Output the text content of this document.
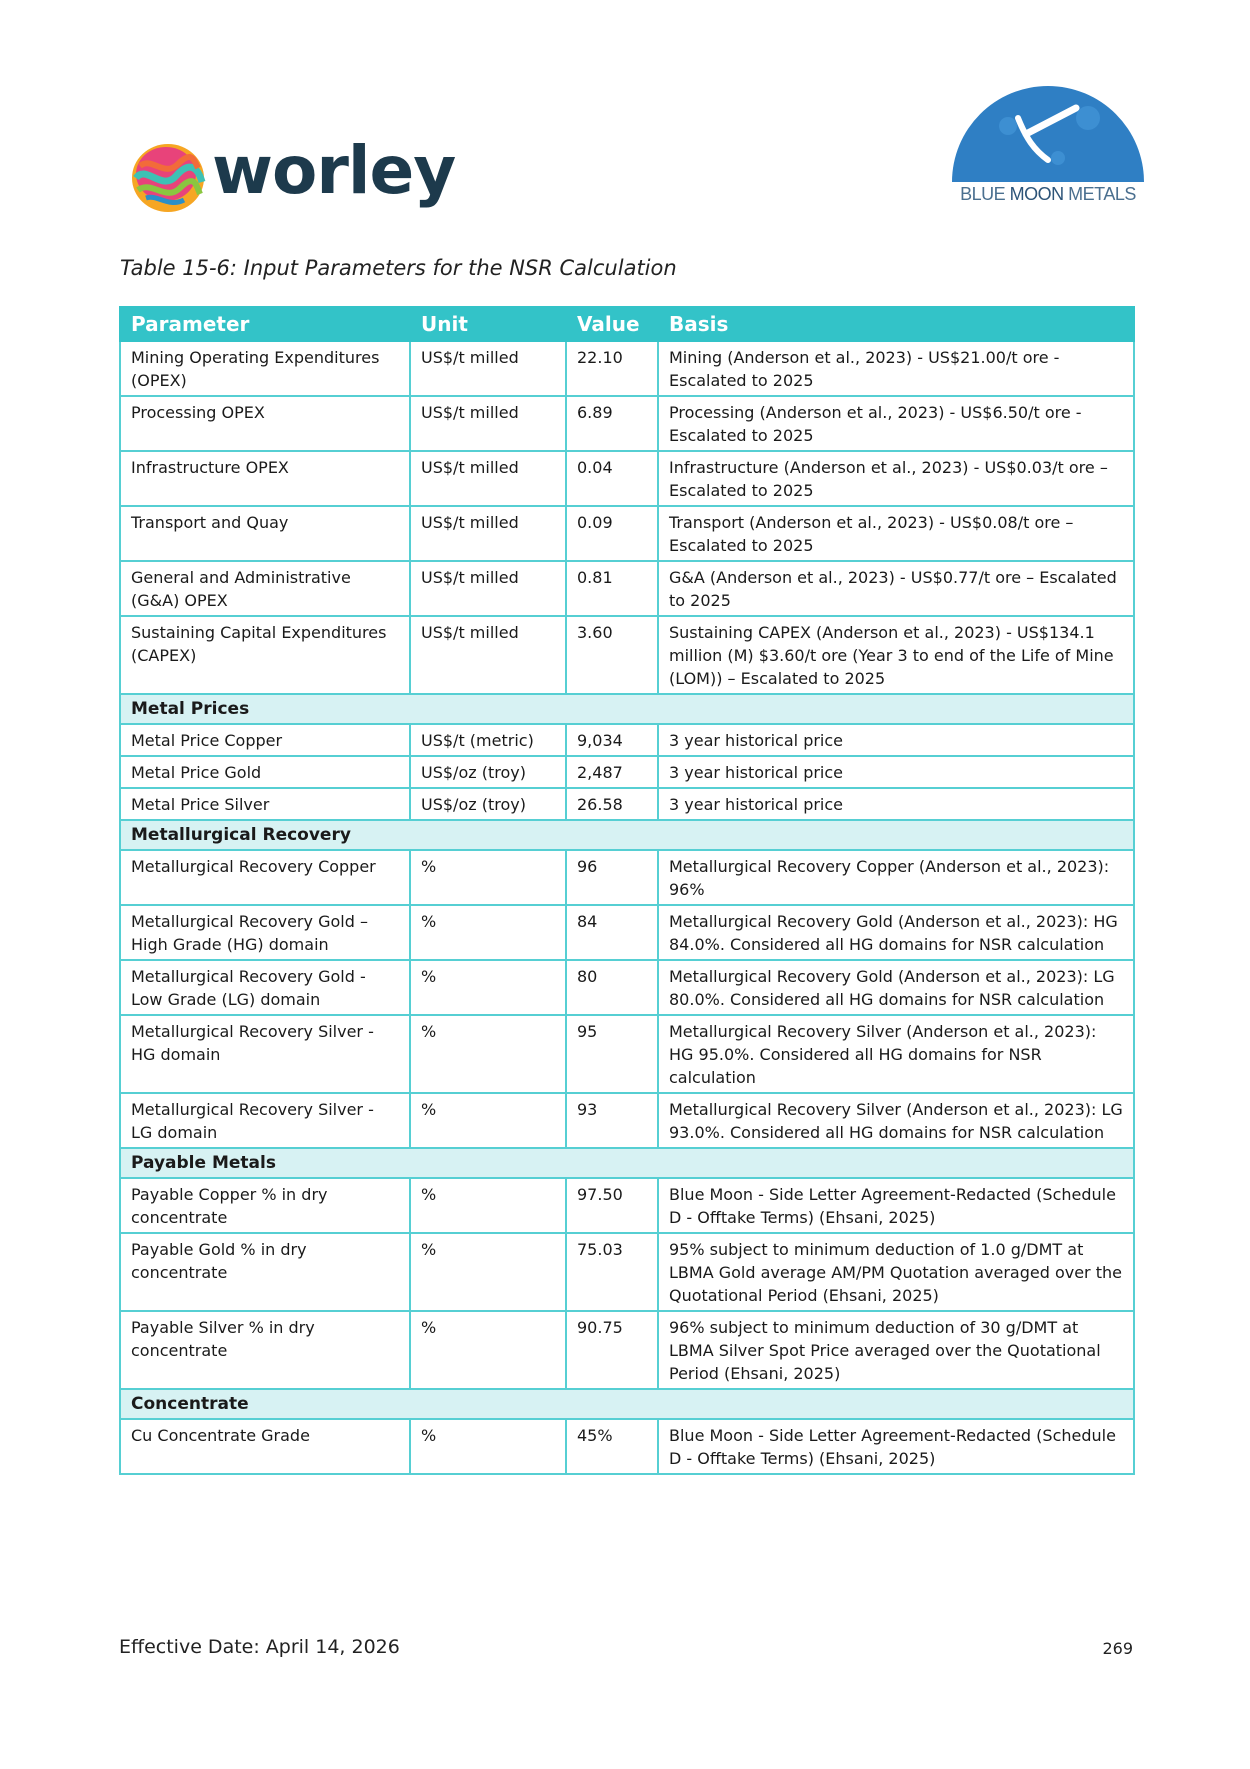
worley	BLUE MOON METALS
Table 15-6: Input Parameters for the NSR Calculation
Parameter	Unit	Value	Basis
Mining Operating Expenditures (OPEX)	US$/t milled	22.10	Mining (Anderson et al., 2023) - US$21.00/t ore - Escalated to 2025
Processing OPEX	US$/t milled	6.89	Processing (Anderson et al., 2023) - US$6.50/t ore - Escalated to 2025
Infrastructure OPEX	US$/t milled	0.04	Infrastructure (Anderson et al., 2023) - US$0.03/t ore – Escalated to 2025
Transport and Quay	US$/t milled	0.09	Transport (Anderson et al., 2023) - US$0.08/t ore – Escalated to 2025
General and Administrative (G&A) OPEX	US$/t milled	0.81	G&A (Anderson et al., 2023) - US$0.77/t ore – Escalated to 2025
Sustaining Capital Expenditures (CAPEX)	US$/t milled	3.60	Sustaining CAPEX (Anderson et al., 2023) - US$134.1 million (M) $3.60/t ore (Year 3 to end of the Life of Mine (LOM)) – Escalated to 2025
Metal Prices			
Metal Price Copper	US$/t (metric)	9,034	3 year historical price
Metal Price Gold	US$/oz (troy)	2,487	3 year historical price
Metal Price Silver	US$/oz (troy)	26.58	3 year historical price
Metallurgical Recovery			
Metallurgical Recovery Copper	%	96	Metallurgical Recovery Copper (Anderson et al., 2023): 96%
Metallurgical Recovery Gold – High Grade (HG) domain	%	84	Metallurgical Recovery Gold (Anderson et al., 2023): HG 84.0%. Considered all HG domains for NSR calculation
Metallurgical Recovery Gold - Low Grade (LG) domain	%	80	Metallurgical Recovery Gold (Anderson et al., 2023): LG 80.0%. Considered all HG domains for NSR calculation
Metallurgical Recovery Silver - HG domain	%	95	Metallurgical Recovery Silver (Anderson et al., 2023): HG 95.0%. Considered all HG domains for NSR calculation
Metallurgical Recovery Silver - LG domain	%	93	Metallurgical Recovery Silver (Anderson et al., 2023): LG 93.0%. Considered all HG domains for NSR calculation
Payable Metals			
Payable Copper % in dry concentrate	%	97.50	Blue Moon - Side Letter Agreement-Redacted (Schedule D - Offtake Terms) (Ehsani, 2025)
Payable Gold % in dry concentrate	%	75.03	95% subject to minimum deduction of 1.0 g/DMT at LBMA Gold average AM/PM Quotation averaged over the Quotational Period (Ehsani, 2025)
Payable Silver % in dry concentrate	%	90.75	96% subject to minimum deduction of 30 g/DMT at LBMA Silver Spot Price averaged over the Quotational Period (Ehsani, 2025)
Concentrate			
Cu Concentrate Grade	%	45%	Blue Moon - Side Letter Agreement-Redacted (Schedule D - Offtake Terms) (Ehsani, 2025)
Effective Date: April 14, 2026	269
